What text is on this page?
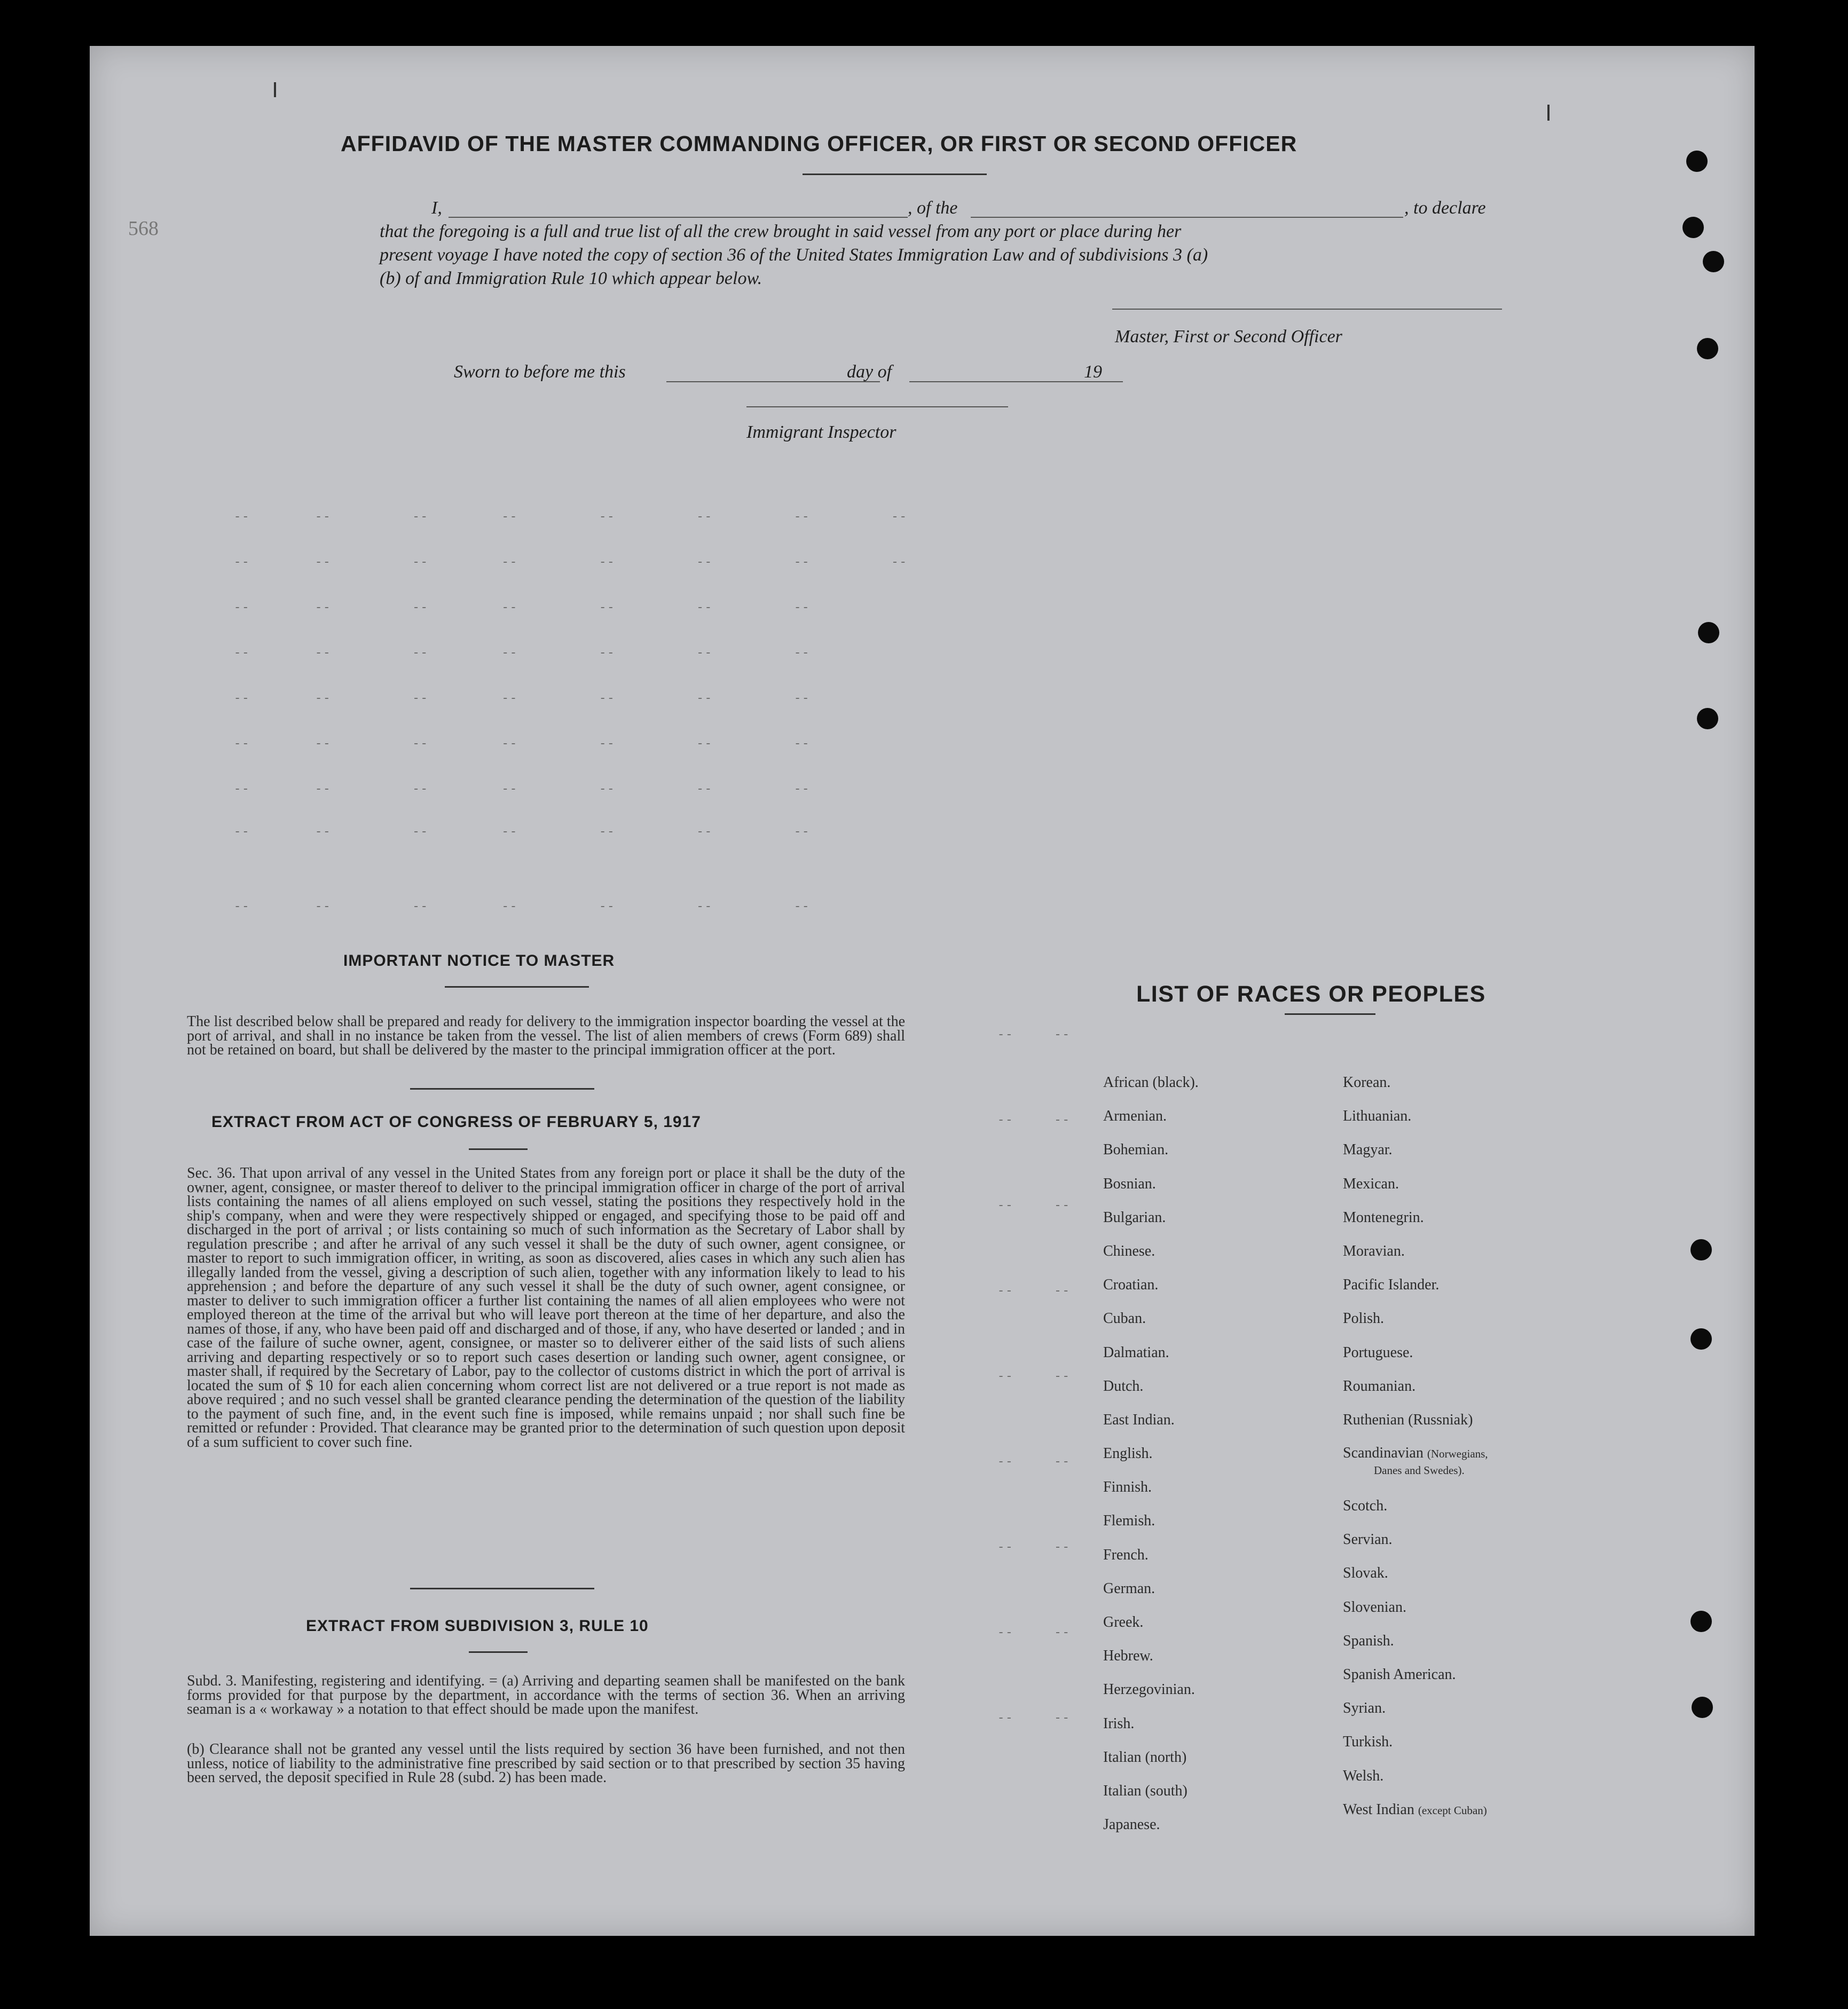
568
AFFIDAVID OF THE MASTER COMMANDING OFFICER, OR FIRST OR SECOND OFFICER
I,	, of the	, to declare
that the foregoing is a full and true list of all the crew brought in said vessel from any port or place during her
present voyage I have noted the copy of section 36 of the United States Immigration Law and of subdivisions 3 (a)
(b) of and Immigration Rule 10 which appear below.
Master, First or Second Officer
Sworn to before me this	day of	19
Immigrant Inspector
--        --          --         --          --          --          --          --
--        --          --         --          --          --          --          --
--        --          --         --          --          --          --
--        --          --         --          --          --          --
--        --          --         --          --          --          --
--        --          --         --          --          --          --
--        --          --         --          --          --          --
--        --          --         --          --          --          --
--        --          --         --          --          --          --
--     --
--     --
--     --
--     --
--     --
--     --
--     --
--     --
--     --
IMPORTANT NOTICE TO MASTER
The list described below shall be prepared and ready for delivery to the immigration inspector boarding the vessel at the port of arrival, and shall in no instance be taken from the vessel. The list of alien members of crews (Form 689) shall not be retained on board, but shall be delivered by the master to the principal immigration officer at the port.
EXTRACT FROM ACT OF CONGRESS OF FEBRUARY 5, 1917
Sec. 36. That upon arrival of any vessel in the United States from any foreign port or place it shall be the duty of the owner, agent, consignee, or master thereof to deliver to the principal immigration officer in charge of the port of arrival lists containing the names of all aliens employed on such vessel, stating the positions they respectively hold in the ship's company, when and were they were respectively shipped or engaged, and specifying those to be paid off and discharged in the port of arrival ; or lists containing so much of such information as the Secretary of Labor shall by regulation prescribe ; and after he arrival of any such vessel it shall be the duty of such owner, agent consignee, or master to report to such immigration officer, in writing, as soon as discovered, alies cases in which any such alien has illegally landed from the vessel, giving a description of such alien, together with any information likely to lead to his apprehension ; and before the departure of any such vessel it shall be the duty of such owner, agent consignee, or master to deliver to such immigration officer a further list containing the names of all alien employees who were not employed thereon at the time of the arrival but who will leave port thereon at the time of her departure, and also the names of those, if any, who have been paid off and discharged and of those, if any, who have deserted or landed ; and in case of the failure of suche owner, agent, consignee, or master so to deliverer either of the said lists of such aliens arriving and departing respectively or so to report such cases desertion or landing such owner, agent consignee, or master shall, if required by the Secretary of Labor, pay to the collector of customs district in which the port of arrival is located the sum of $ 10 for each alien concerning whom correct list are not delivered or a true report is not made as above required ; and no such vessel shall be granted clearance pending the determination of the question of the liability to the payment of such fine, and, in the event such fine is imposed, while remains unpaid ; nor shall such fine be remitted or refunder : Provided. That clearance may be granted prior to the determination of such question upon deposit of a sum sufficient to cover such fine.
EXTRACT FROM SUBDIVISION 3, RULE 10
Subd. 3. Manifesting, registering and identifying. = (a) Arriving and departing seamen shall be manifested on the bank forms provided for that purpose by the department, in accordance with the terms of section 36. When an arriving seaman is a « workaway » a notation to that effect should be made upon the manifest.
(b) Clearance shall not be granted any vessel until the lists required by section 36 have been furnished, and not then unless, notice of liability to the administrative fine prescribed by said section or to that prescribed by section 35 having been served, the deposit specified in Rule 28 (subd. 2) has been made.
LIST OF RACES OR PEOPLES
African (black).
Armenian.
Bohemian.
Bosnian.
Bulgarian.
Chinese.
Croatian.
Cuban.
Dalmatian.
Dutch.
East Indian.
English.
Finnish.
Flemish.
French.
German.
Greek.
Hebrew.
Herzegovinian.
Irish.
Italian (north)
Italian (south)
Japanese.
Korean.
Lithuanian.
Magyar.
Mexican.
Montenegrin.
Moravian.
Pacific Islander.
Polish.
Portuguese.
Roumanian.
Ruthenian (Russniak)
Scandinavian (Norwegians,
Danes and Swedes).
Scotch.
Servian.
Slovak.
Slovenian.
Spanish.
Spanish American.
Syrian.
Turkish.
Welsh.
West Indian (except Cuban)
